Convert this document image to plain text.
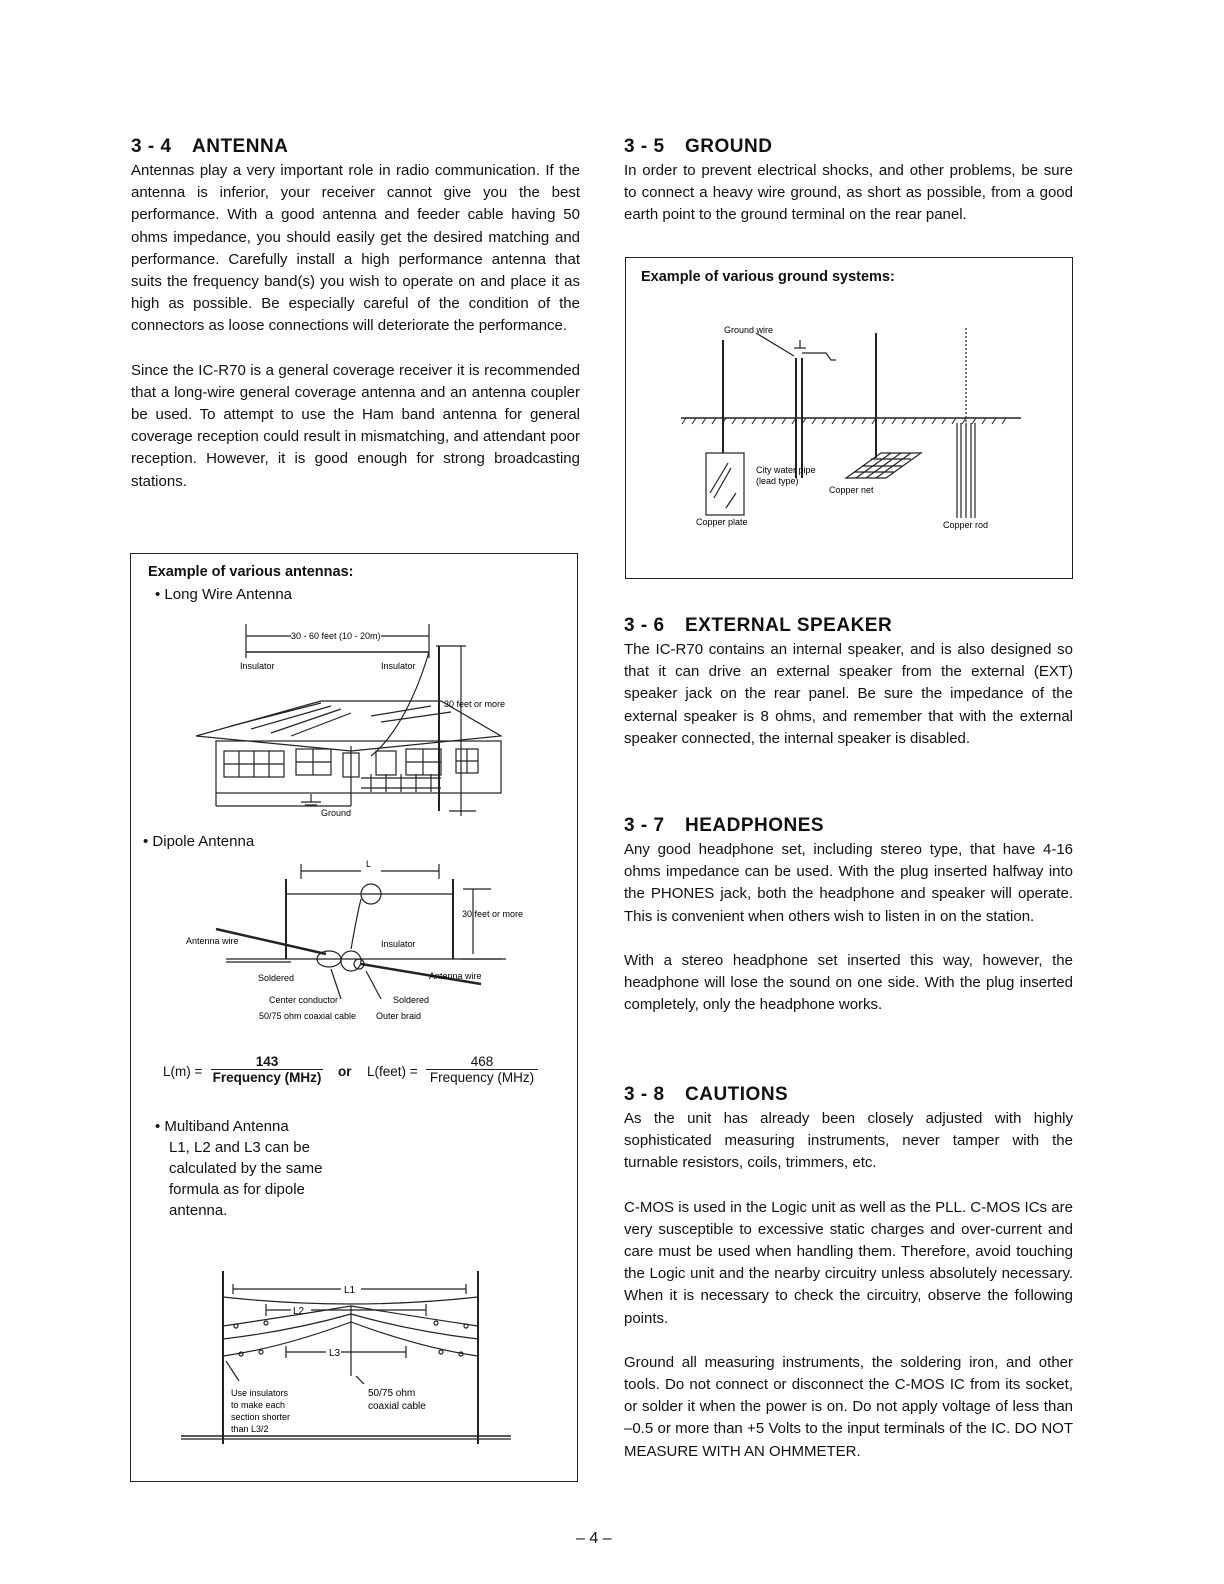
3 - 4 ANTENNA

Antennas play a very important role in radio communication. If the antenna is inferior, your receiver cannot give you the best performance. With a good antenna and feeder cable having 50 ohms impedance, you should easily get the desired matching and performance. Carefully install a high performance antenna that suits the frequency band(s) you wish to operate on and place it as high as possible. Be especially careful of the condition of the connectors as loose connections will deteriorate the performance.

Since the IC-R70 is a general coverage receiver it is recommended that a long-wire general coverage antenna and an antenna coupler be used. To attempt to use the Ham band antenna for general coverage reception could result in mismatching, and attendant poor reception. However, it is good enough for strong broadcasting stations.

Example of various antennas:
• Long Wire Antenna
30 - 60 feet (10 - 20m)
Insulator	Insulator
30 feet or more
Ground
• Dipole Antenna
Antenna wire
L
30 feet or more
Insulator
Soldered	Antenna wire
Center conductor	Soldered
50/75 ohm coaxial cable Outer braid
L(m) =
143
Frequency (MHz) or L(feet) =
468
Frequency (MHz)
• Multiband Antenna
L1, L2 and L3 can be
calculated by the same
formula as for dipole
antenna.
L1
L2
L3
Use insulators
to make each
section shorter
than L3/2
50/75 ohm
coaxial cable
3 - 5 GROUND

In order to prevent electrical shocks, and other problems, be sure to connect a heavy wire ground, as short as possible, from a good earth point to the ground terminal on the rear panel.

Example of various ground systems:
Ground wire
City water pipe
(lead type)
Copper net
Copper plate	Copper rod
3 - 6 EXTERNAL SPEAKER

The IC-R70 contains an internal speaker, and is also designed so that it can drive an external speaker from the external (EXT) speaker jack on the rear panel. Be sure the impedance of the external speaker is 8 ohms, and remember that with the external speaker connected, the internal speaker is disabled.

3 - 7 HEADPHONES

Any good headphone set, including stereo type, that have 4-16 ohms impedance can be used. With the plug inserted halfway into the PHONES jack, both the headphone and speaker will operate. This is convenient when others wish to listen in on the station.

With a stereo headphone set inserted this way, however, the headphone will lose the sound on one side. With the plug inserted completely, only the headphone works.

3 - 8 CAUTIONS

As the unit has already been closely adjusted with highly sophisticated measuring instruments, never tamper with the turnable resistors, coils, trimmers, etc.

C-MOS is used in the Logic unit as well as the PLL. C-MOS ICs are very susceptible to excessive static charges and over-current and care must be used when handling them. Therefore, avoid touching the Logic unit and the nearby circuitry unless absolutely necessary. When it is necessary to check the circuitry, observe the following points.

Ground all measuring instruments, the soldering iron, and other tools. Do not connect or disconnect the C-MOS IC from its socket, or solder it when the power is on. Do not apply voltage of less than –0.5 or more than +5 Volts to the input terminals of the IC. DO NOT MEASURE WITH AN OHMMETER.

– 4 –
